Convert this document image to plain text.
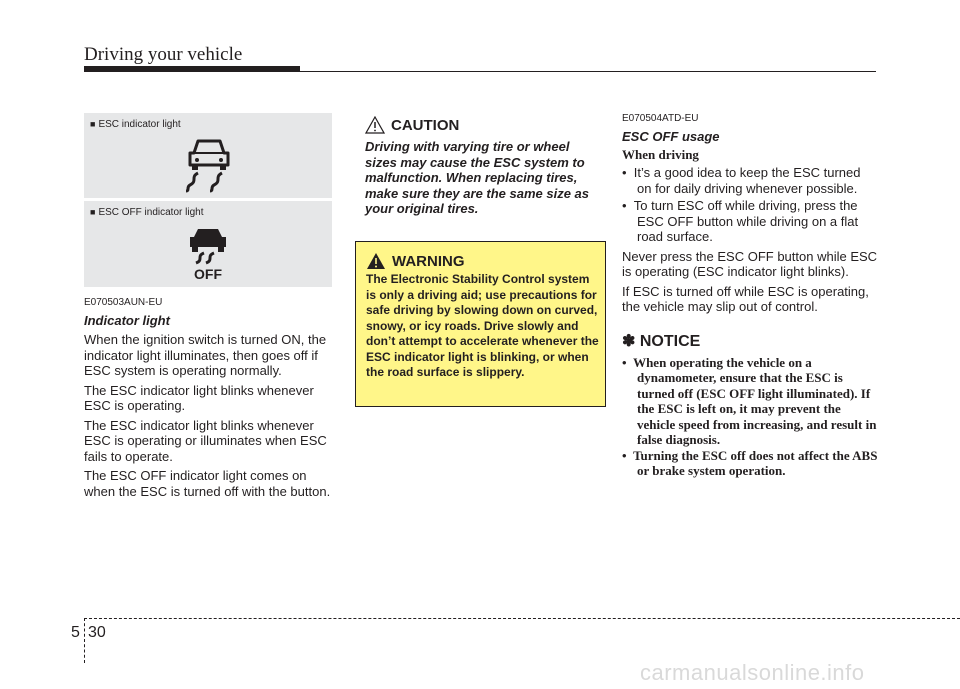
Driving your vehicle
■ ESC indicator light
■ ESC OFF indicator light
OFF
E070503AUN-EU
Indicator light

When the ignition switch is turned ON, the indicator light illuminates, then goes off if ESC system is operating normally.

The ESC indicator light blinks whenever ESC is operating.

The ESC indicator light blinks whenever ESC is operating or illuminates when ESC fails to operate.

The ESC OFF indicator light comes on when the ESC is turned off with the button.

CAUTION
Driving with varying tire or wheel sizes may cause the ESC system to malfunction. When replacing tires, make sure they are the same size as your original tires.
WARNING
The Electronic Stability Control system is only a driving aid; use precautions for safe driving by slowing down on curved, snowy, or icy roads. Drive slowly and don’t attempt to accelerate whenever the ESC indicator light is blinking, or when the road surface is slippery.
E070504ATD-EU
ESC OFF usage
When driving
•  It’s a good idea to keep the ESC turned on for daily driving whenever possible.
•  To turn ESC off while driving, press the ESC OFF button while driving on a flat road surface.

Never press the ESC OFF button while ESC is operating (ESC indicator light blinks).

If ESC is turned off while ESC is operating, the vehicle may slip out of control.

✽ NOTICE
•  When operating the vehicle on a dynamometer, ensure that the ESC is turned off (ESC OFF light illuminated). If the ESC is left on, it may prevent the vehicle speed from increasing, and result in false diagnosis.
•  Turning the ESC off does not affect the ABS or brake system operation.
5 30
carmanualsonline.info
